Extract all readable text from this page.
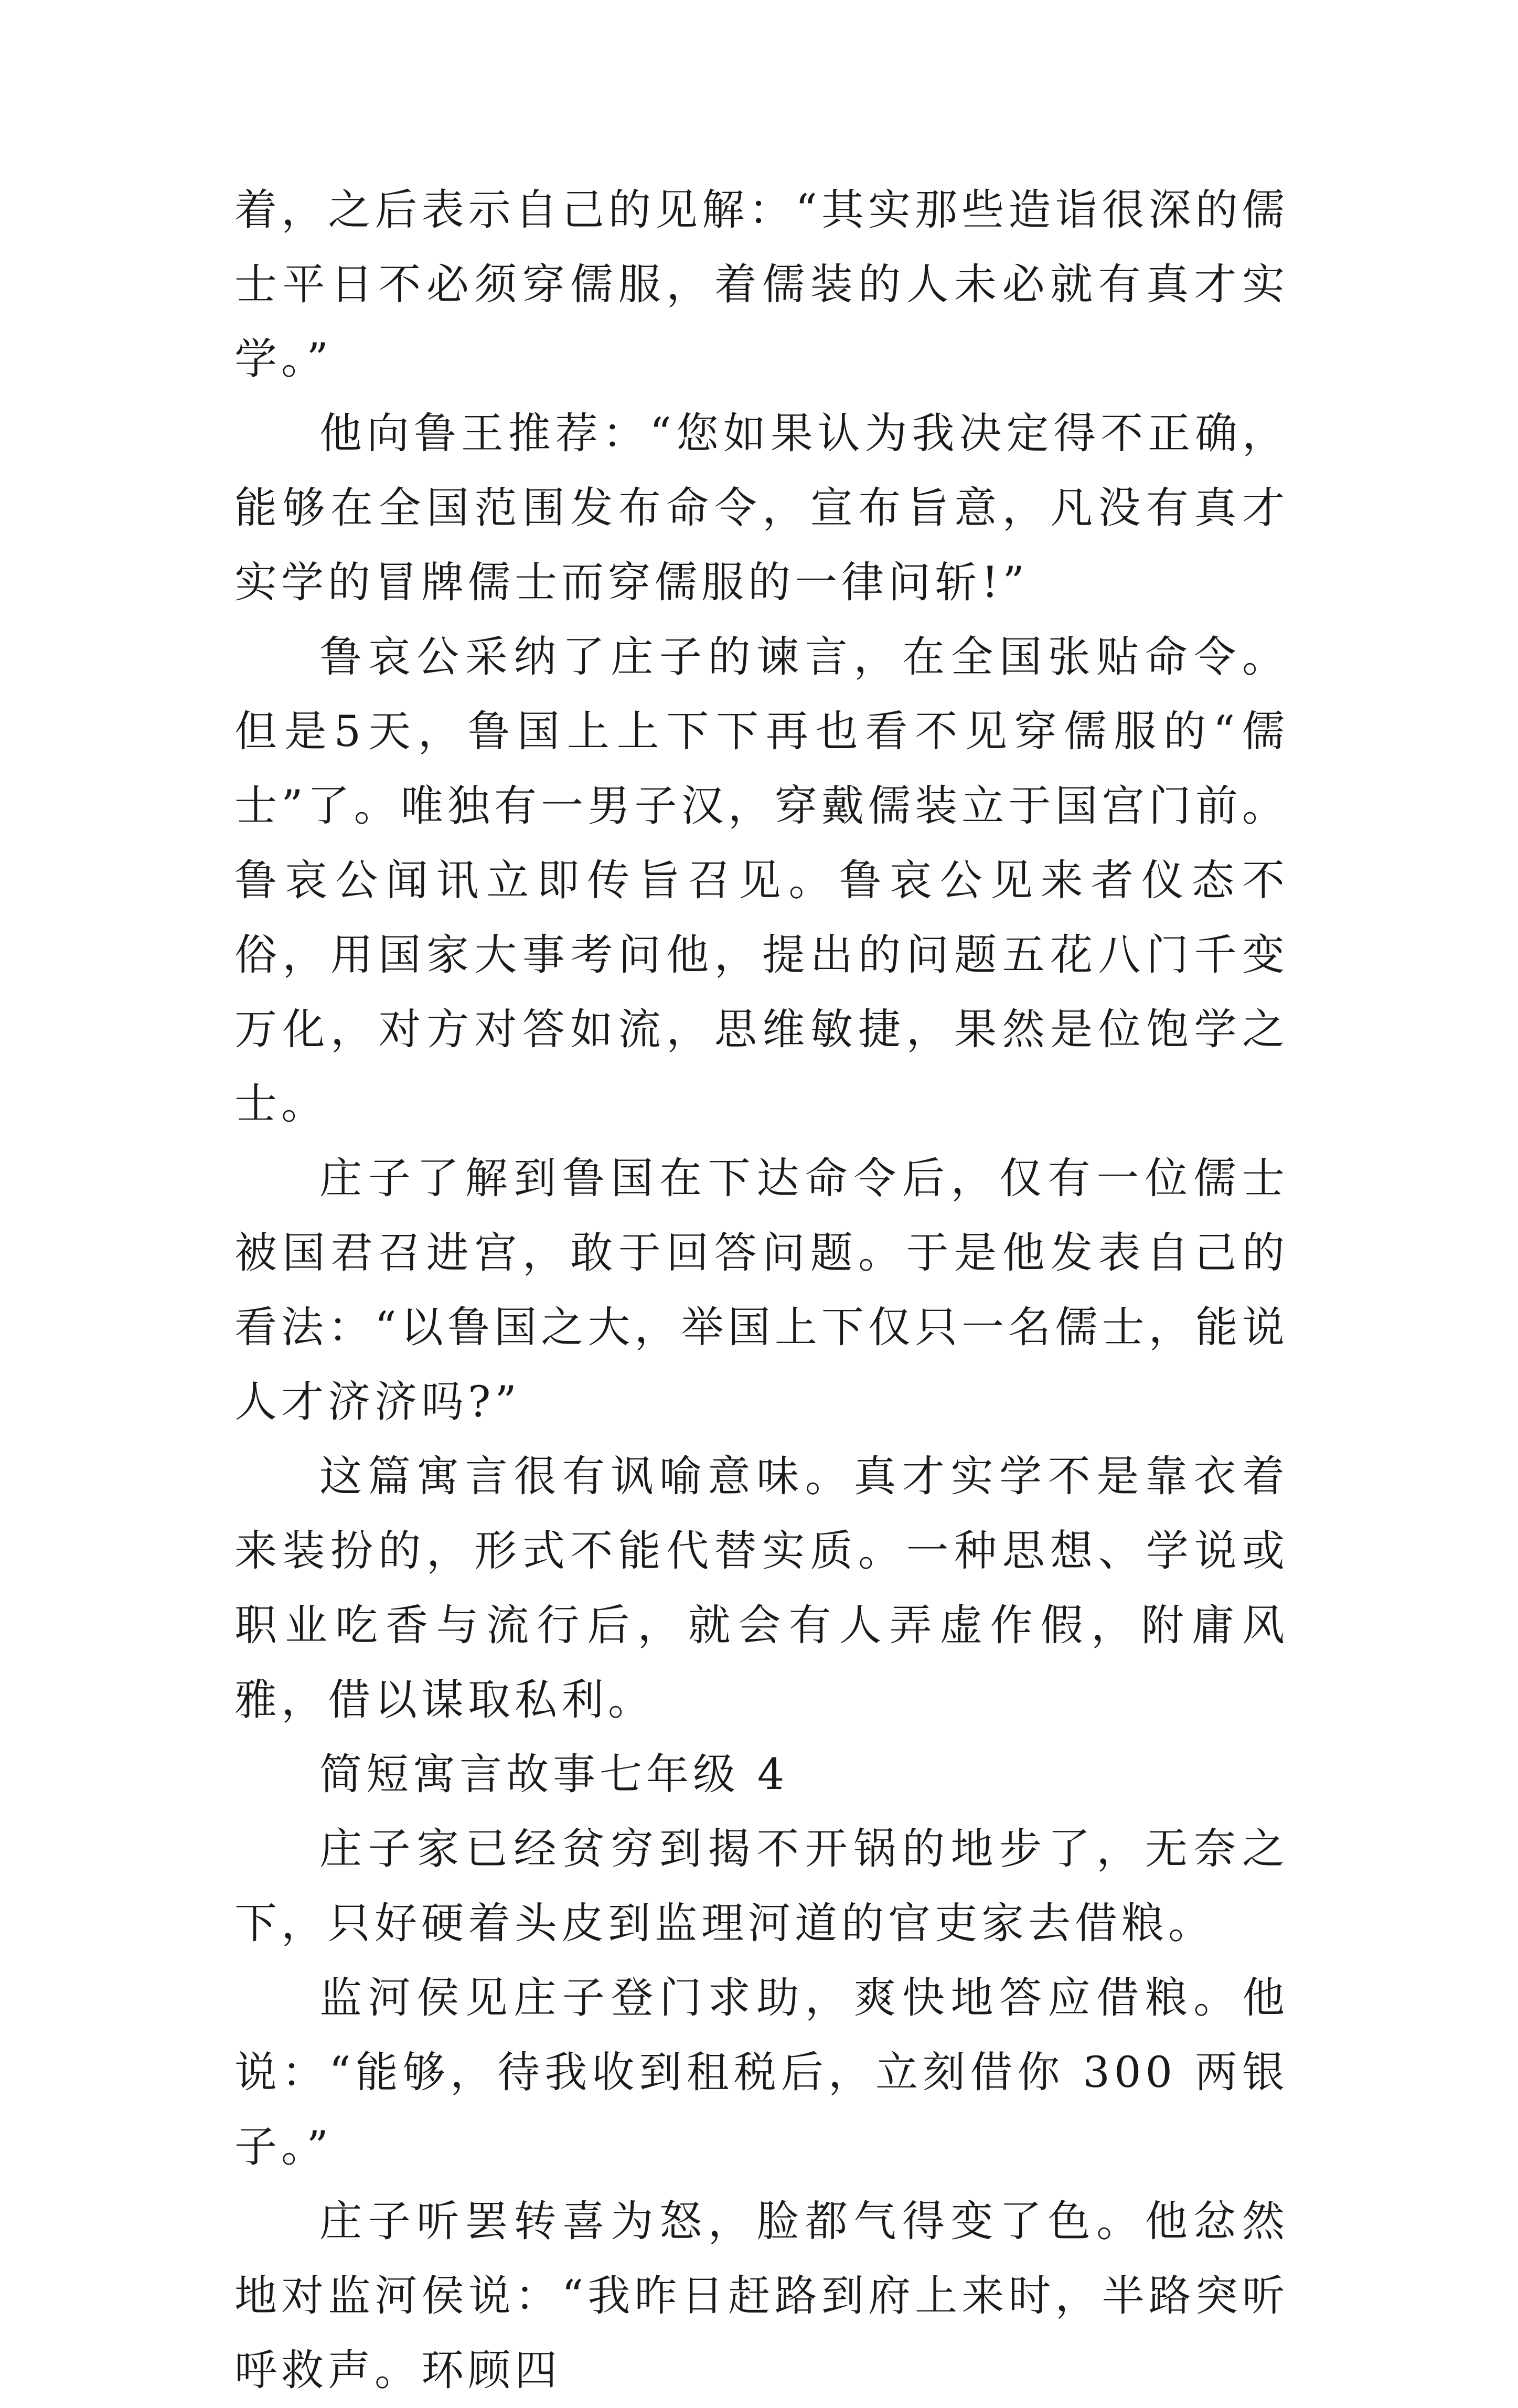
着，之后表示自己的见解：“其实那些造诣很深的儒士平日不必须穿儒服，着儒装的人未必就有真才实学。”

他向鲁王推荐：“您如果认为我决定得不正确，能够在全国范围发布命令，宣布旨意，凡没有真才实学的冒牌儒士而穿儒服的一律问斩!”

鲁哀公采纳了庄子的谏言，在全国张贴命令。但是5天，鲁国上上下下再也看不见穿儒服的“儒士”了。唯独有一男子汉，穿戴儒装立于国宫门前。鲁哀公闻讯立即传旨召见。鲁哀公见来者仪态不俗，用国家大事考问他，提出的问题五花八门千变万化，对方对答如流，思维敏捷，果然是位饱学之士。

庄子了解到鲁国在下达命令后，仅有一位儒士被国君召进宫，敢于回答问题。于是他发表自己的看法：“以鲁国之大，举国上下仅只一名儒士，能说人才济济吗?”

这篇寓言很有讽喻意味。真才实学不是靠衣着来装扮的，形式不能代替实质。一种思想、学说或职业吃香与流行后，就会有人弄虚作假，附庸风雅，借以谋取私利。

简短寓言故事七年级 4

庄子家已经贫穷到揭不开锅的地步了，无奈之下，只好硬着头皮到监理河道的官吏家去借粮。

监河侯见庄子登门求助，爽快地答应借粮。他说：“能够，待我收到租税后，立刻借你 300 两银子。”

庄子听罢转喜为怒，脸都气得变了色。他忿然地对监河侯说：“我昨日赶路到府上来时，半路突听呼救声。环顾四
